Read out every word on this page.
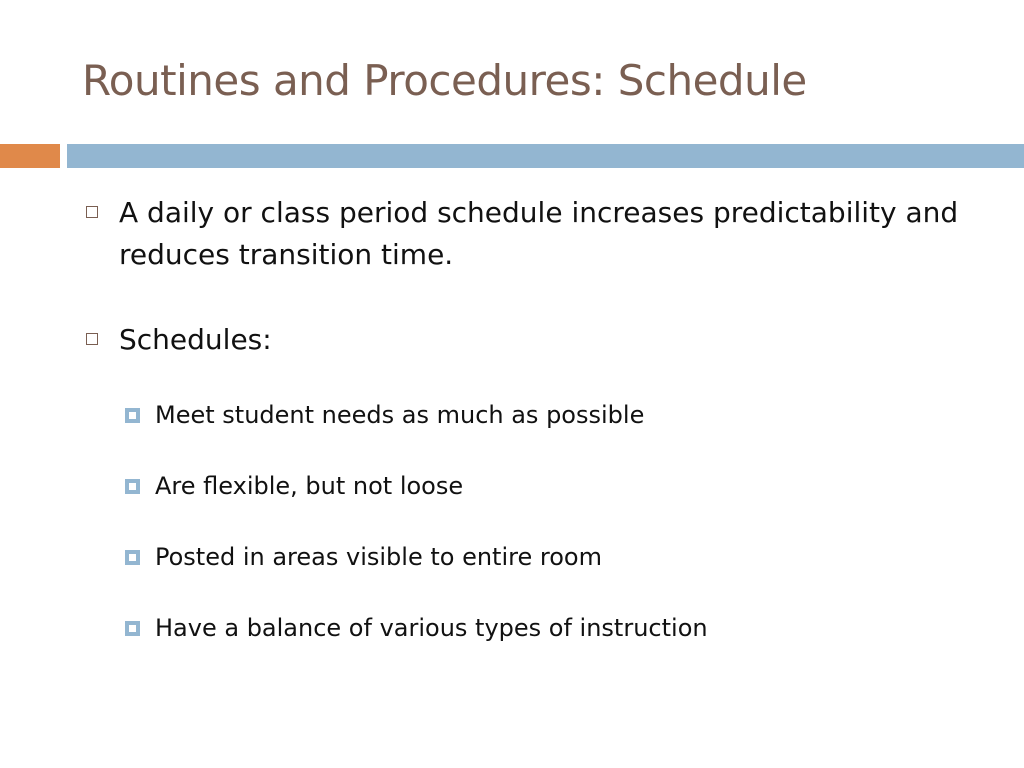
Routines and Procedures: Schedule
A daily or class period schedule increases predictability and reduces transition time.
Schedules:
Meet student needs as much as possible
Are flexible, but not loose
Posted in areas visible to entire room
Have a balance of various types of instruction
